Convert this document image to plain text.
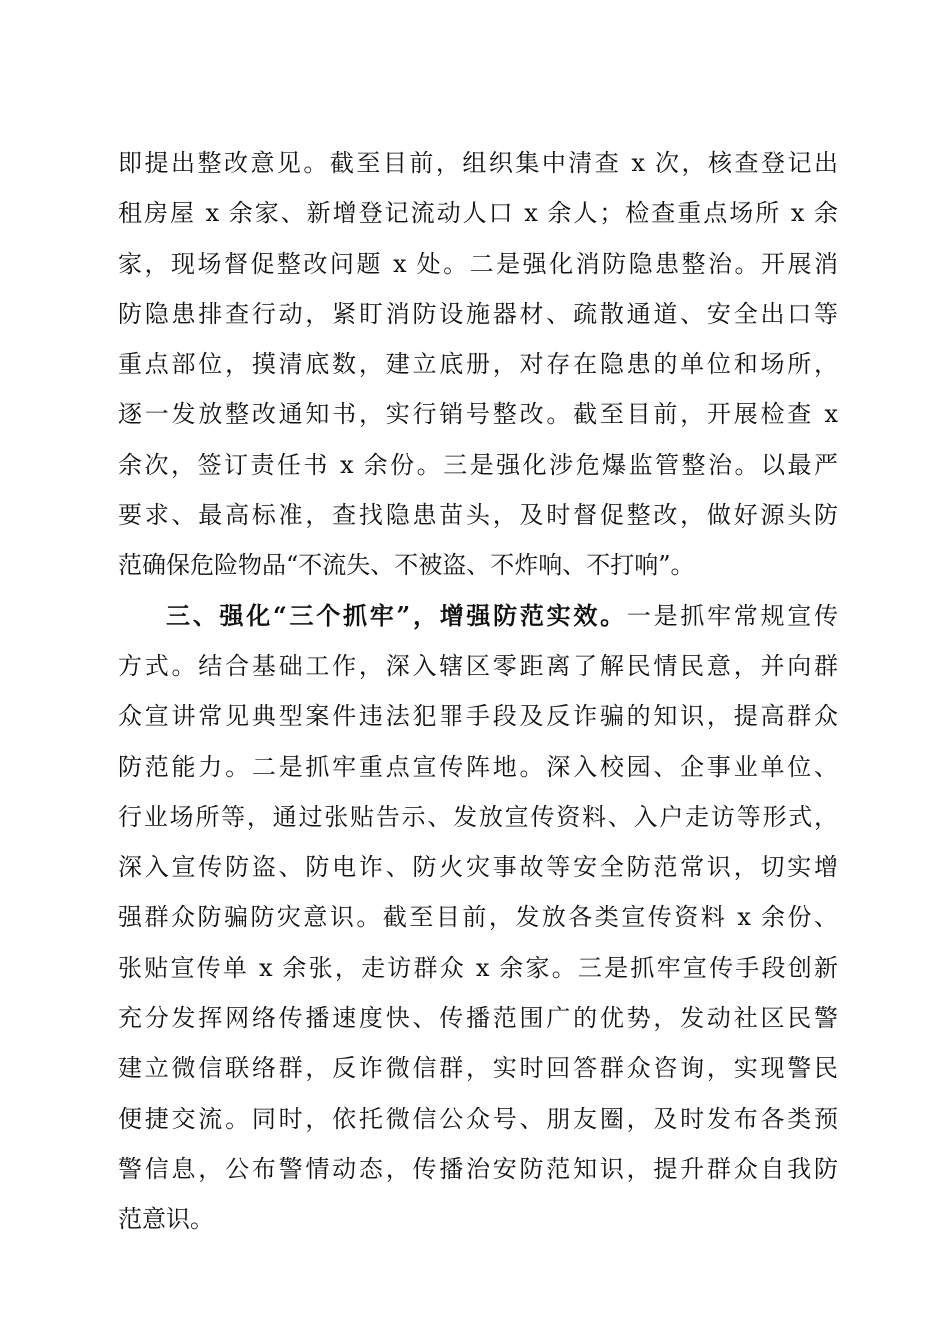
即提出整改意见。截至目前，组织集中清查 x 次，核查登记出
租房屋 x 余家、新增登记流动人口 x 余人；检查重点场所 x 余
家，现场督促整改问题 x 处。二是强化消防隐患整治。开展消
防隐患排查行动，紧盯消防设施器材、疏散通道、安全出口等
重点部位，摸清底数，建立底册，对存在隐患的单位和场所，
逐一发放整改通知书，实行销号整改。截至目前，开展检查 x
余次，签订责任书 x 余份。三是强化涉危爆监管整治。以最严
要求、最高标准，查找隐患苗头，及时督促整改，做好源头防
范确保危险物品“不流失、不被盗、不炸响、不打响”。
三、强化“三个抓牢”，增强防范实效。一是抓牢常规宣传
方式。结合基础工作，深入辖区零距离了解民情民意，并向群
众宣讲常见典型案件违法犯罪手段及反诈骗的知识，提高群众
防范能力。二是抓牢重点宣传阵地。深入校园、企事业单位、
行业场所等，通过张贴告示、发放宣传资料、入户走访等形式，
深入宣传防盗、防电诈、防火灾事故等安全防范常识，切实增
强群众防骗防灾意识。截至目前，发放各类宣传资料 x 余份、
张贴宣传单 x 余张，走访群众 x 余家。三是抓牢宣传手段创新
充分发挥网络传播速度快、传播范围广的优势，发动社区民警
建立微信联络群，反诈微信群，实时回答群众咨询，实现警民
便捷交流。同时，依托微信公众号、朋友圈，及时发布各类预
警信息，公布警情动态，传播治安防范知识，提升群众自我防
范意识。
